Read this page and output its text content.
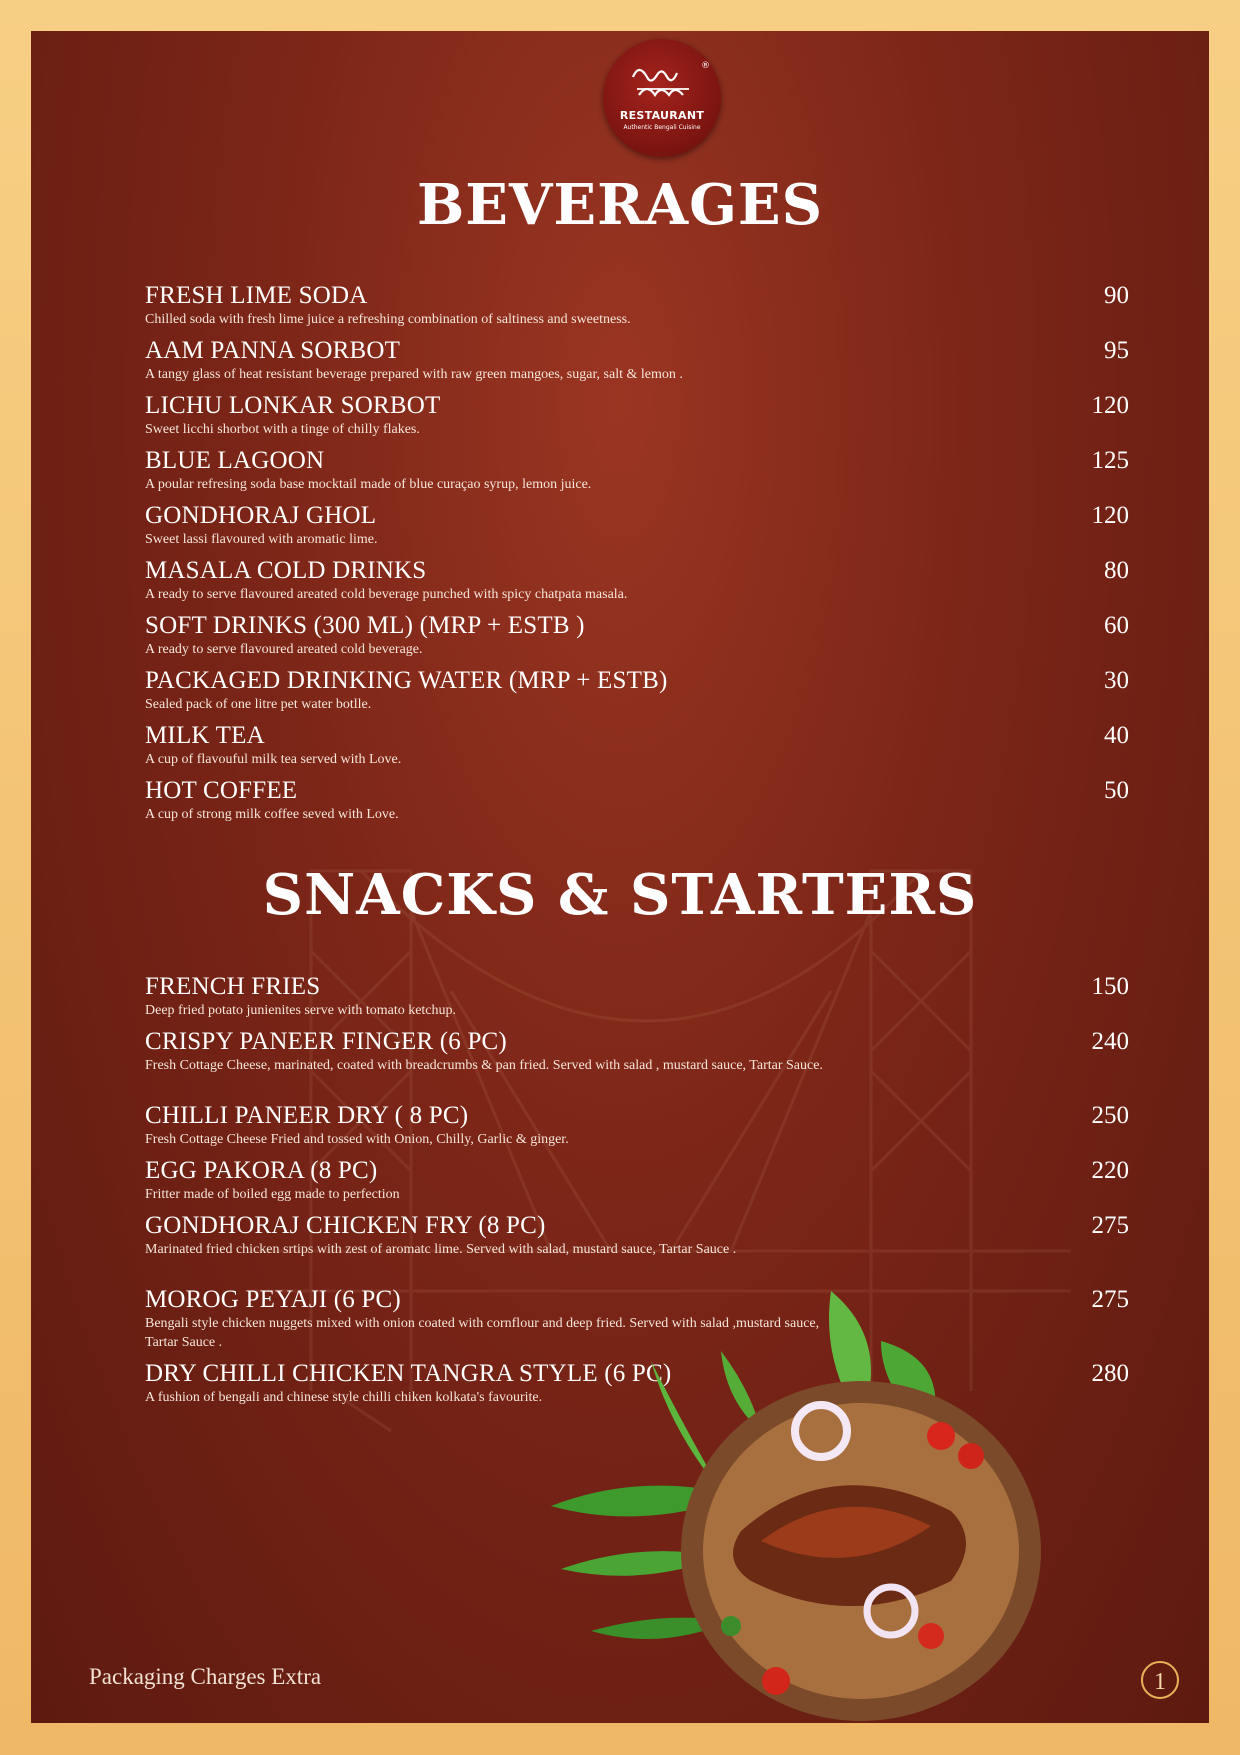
RESTAURANT
Authentic Bengali Cuisine
®
BEVERAGES
FRESH LIME SODA
Chilled soda with fresh lime juice a refreshing combination of saltiness and sweetness.
90
AAM PANNA SORBOT
A tangy glass of heat resistant beverage prepared with raw green mangoes, sugar, salt & lemon .
95
LICHU LONKAR SORBOT
Sweet licchi shorbot with a tinge of chilly flakes.
120
BLUE LAGOON
A poular refresing soda base mocktail made of blue curaçao syrup, lemon juice.
125
GONDHORAJ GHOL
Sweet lassi flavoured with aromatic lime.
120
MASALA COLD DRINKS
A ready to serve flavoured areated cold beverage punched with spicy chatpata masala.
80
SOFT DRINKS (300 ML) (MRP + ESTB )
A ready to serve flavoured areated cold beverage.
60
PACKAGED DRINKING WATER (MRP + ESTB)
Sealed pack of one litre pet water botlle.
30
MILK TEA
A cup of flavouful milk tea served with Love.
40
HOT COFFEE
A cup of strong milk coffee seved with Love.
50
SNACKS & STARTERS
FRENCH FRIES
Deep fried potato junienites serve with tomato ketchup.
150
CRISPY PANEER FINGER (6 PC)
Fresh Cottage Cheese, marinated, coated with breadcrumbs & pan fried. Served with salad , mustard sauce, Tartar Sauce.
240
CHILLI PANEER DRY ( 8 PC)
Fresh Cottage Cheese Fried and tossed with Onion, Chilly, Garlic & ginger.
250
EGG PAKORA (8 PC)
Fritter made of boiled egg made to perfection
220
GONDHORAJ CHICKEN FRY (8 PC)
Marinated fried chicken srtips with zest of aromatc lime. Served with salad, mustard sauce, Tartar Sauce .
275
MOROG PEYAJI (6 PC)
Bengali style chicken nuggets mixed with onion coated with cornflour and deep fried. Served with salad ,mustard sauce, Tartar Sauce .
275
DRY CHILLI CHICKEN TANGRA STYLE (6 PC)
A fushion of bengali and chinese style chilli chiken kolkata's favourite.
280
Packaging Charges Extra	1
